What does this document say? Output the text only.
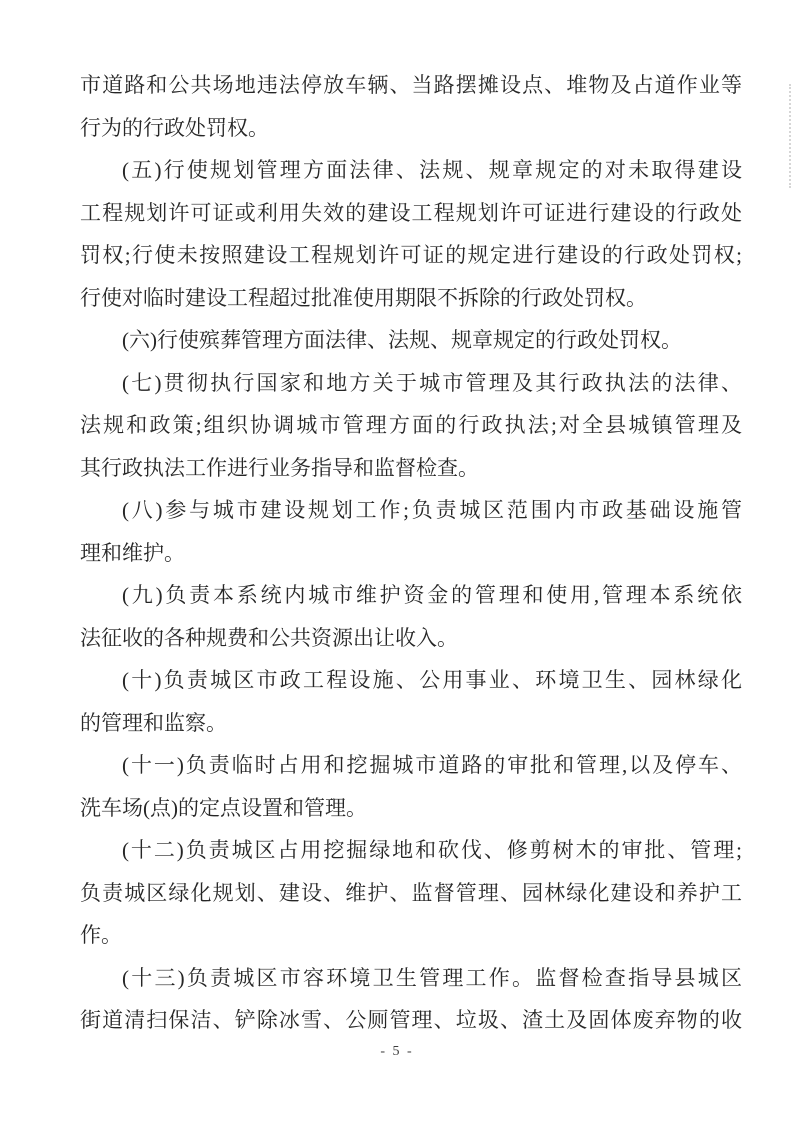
市道路和公共场地违法停放车辆、当路摆摊设点、堆物及占道作业等
行为的行政处罚权。
(五)行使规划管理方面法律、法规、规章规定的对未取得建设
工程规划许可证或利用失效的建设工程规划许可证进行建设的行政处
罚权;行使未按照建设工程规划许可证的规定进行建设的行政处罚权;
行使对临时建设工程超过批准使用期限不拆除的行政处罚权。
(六)行使殡葬管理方面法律、法规、规章规定的行政处罚权。
(七)贯彻执行国家和地方关于城市管理及其行政执法的法律、
法规和政策;组织协调城市管理方面的行政执法;对全县城镇管理及
其行政执法工作进行业务指导和监督检查。
(八)参与城市建设规划工作;负责城区范围内市政基础设施管
理和维护。
(九)负责本系统内城市维护资金的管理和使用,管理本系统依
法征收的各种规费和公共资源出让收入。
(十)负责城区市政工程设施、公用事业、环境卫生、园林绿化
的管理和监察。
(十一)负责临时占用和挖掘城市道路的审批和管理,以及停车、
洗车场(点)的定点设置和管理。
(十二)负责城区占用挖掘绿地和砍伐、修剪树木的审批、管理;
负责城区绿化规划、建设、维护、监督管理、园林绿化建设和养护工
作。
(十三)负责城区市容环境卫生管理工作。监督检查指导县城区
街道清扫保洁、铲除冰雪、公厕管理、垃圾、渣土及固体废弃物的收
- 5 -
